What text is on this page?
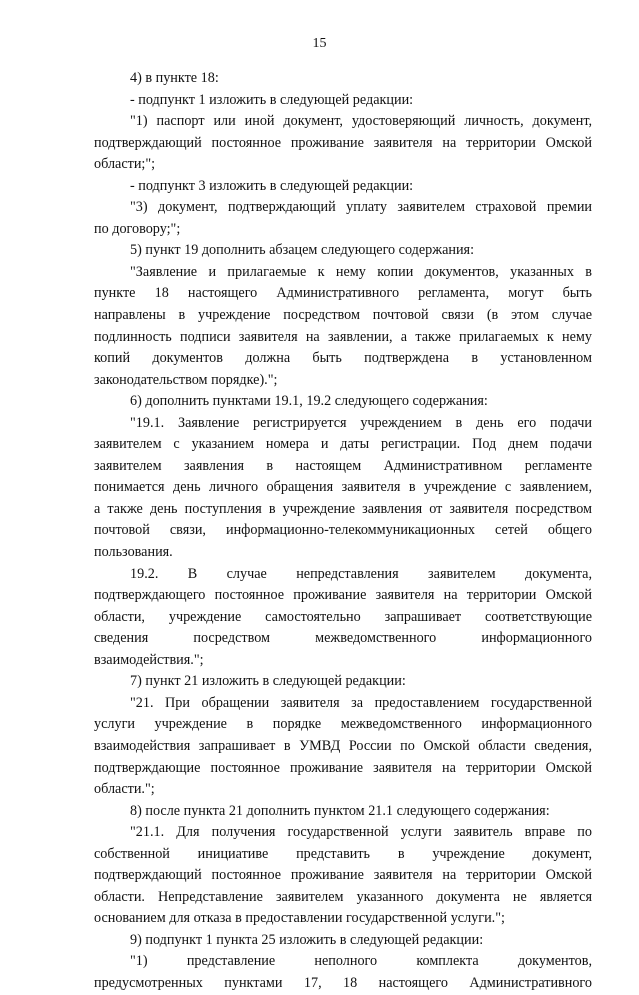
15
4) в пункте 18:
- подпункт 1 изложить в следующей редакции:
"1) паспорт или иной документ, удостоверяющий личность, документ,
подтверждающий постоянное проживание заявителя на территории Омской
области;";
- подпункт 3 изложить в следующей редакции:
"3) документ, подтверждающий уплату заявителем страховой премии
по договору;";
5) пункт 19 дополнить абзацем следующего содержания:
"Заявление и прилагаемые к нему копии документов, указанных в
пункте 18 настоящего Административного регламента, могут быть
направлены в учреждение посредством почтовой связи (в этом случае
подлинность подписи заявителя на заявлении, а также прилагаемых к нему
копий документов должна быть подтверждена в установленном
законодательством порядке).";
6) дополнить пунктами 19.1, 19.2 следующего содержания:
"19.1. Заявление регистрируется учреждением в день его подачи
заявителем с указанием номера и даты регистрации. Под днем подачи
заявителем заявления в настоящем Административном регламенте
понимается день личного обращения заявителя в учреждение с заявлением,
а также день поступления в учреждение заявления от заявителя посредством
почтовой связи, информационно-телекоммуникационных сетей общего
пользования.
19.2. В случае непредставления заявителем документа,
подтверждающего постоянное проживание заявителя на территории Омской
области, учреждение самостоятельно запрашивает соответствующие
сведения посредством межведомственного информационного
взаимодействия.";
7) пункт 21 изложить в следующей редакции:
"21. При обращении заявителя за предоставлением государственной
услуги учреждение в порядке межведомственного информационного
взаимодействия запрашивает в УМВД России по Омской области сведения,
подтверждающие постоянное проживание заявителя на территории Омской
области.";
8) после пункта 21 дополнить пунктом 21.1 следующего содержания:
"21.1. Для получения государственной услуги заявитель вправе по
собственной инициативе представить в учреждение документ,
подтверждающий постоянное проживание заявителя на территории Омской
области. Непредставление заявителем указанного документа не является
основанием для отказа в предоставлении государственной услуги.";
9) подпункт 1 пункта 25 изложить в следующей редакции:
"1) представление неполного комплекта документов,
предусмотренных пунктами 17, 18 настоящего Административного
